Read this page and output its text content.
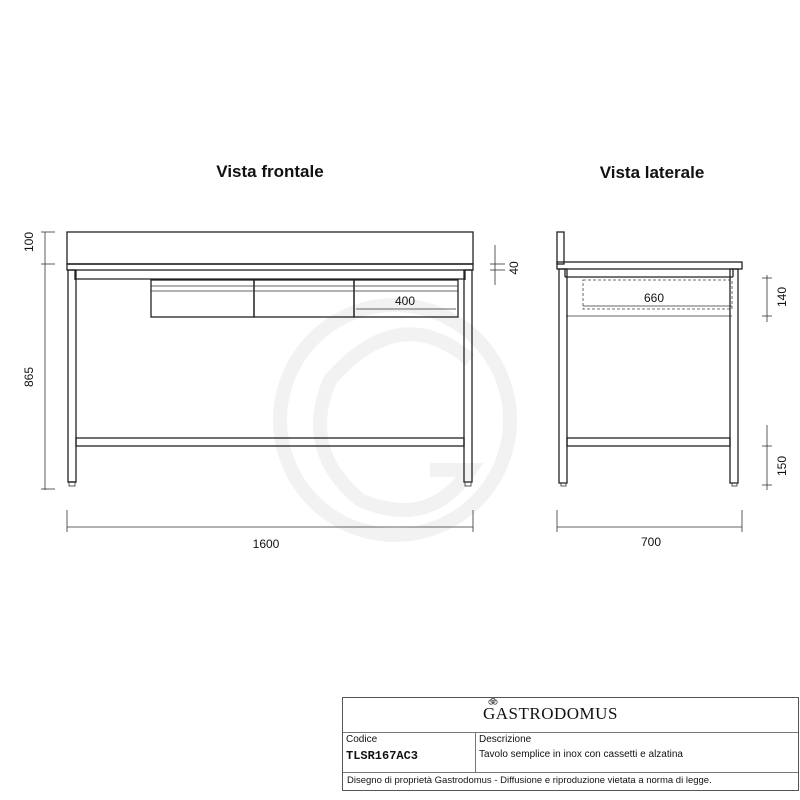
Vista frontale	Vista laterale
100
865
40
400
1600
660	140
150
700
GASTRODOMUS
Codice
TLSR167AC3
Descrizione
Tavolo semplice in inox con cassetti e alzatina
Disegno di proprietà Gastrodomus - Diffusione e riproduzione vietata a norma di legge.
